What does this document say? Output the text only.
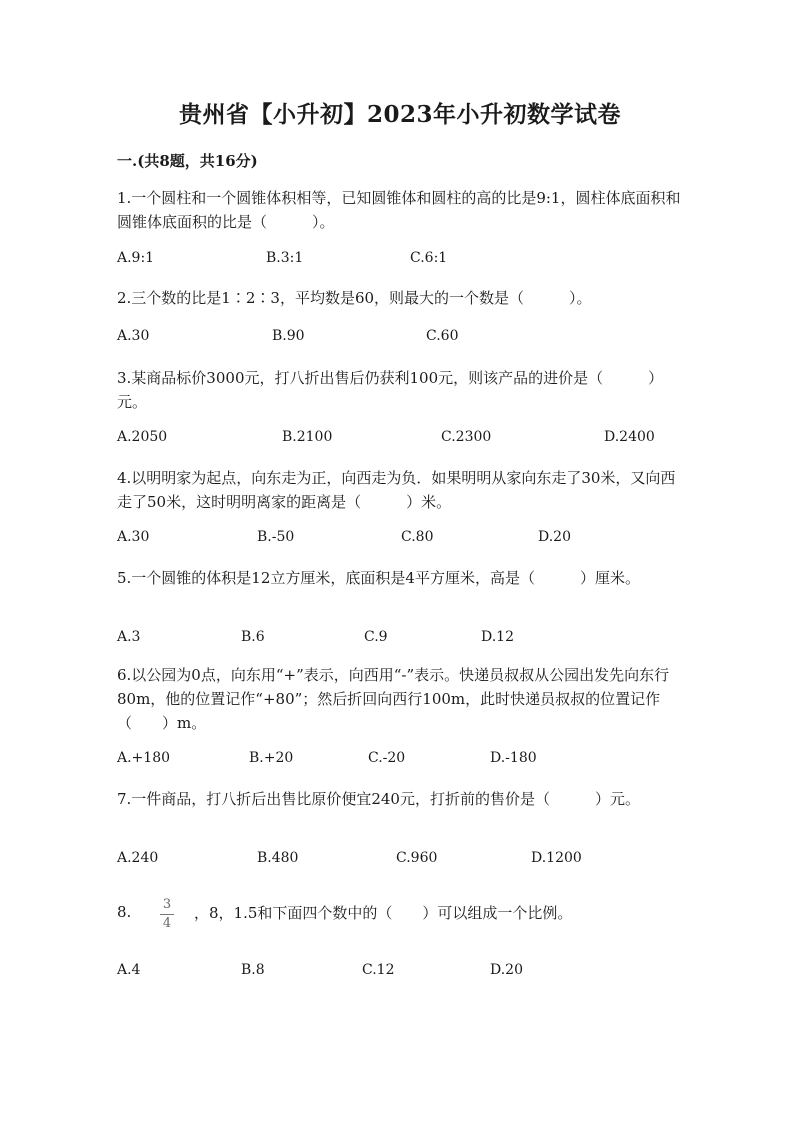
贵州省【小升初】2023年小升初数学试卷
一.(共8题，共16分)
1.一个圆柱和一个圆锥体积相等，已知圆锥体和圆柱的高的比是9:1，圆柱体底面积和圆锥体底面积的比是（　　　）。
A.9:1	B.3:1	C.6:1
2.三个数的比是1∶2∶3，平均数是60，则最大的一个数是（　　　）。
A.30	B.90	C.60
3.某商品标价3000元，打八折出售后仍获利100元，则该产品的进价是（　　　）元。
A.2050	B.2100	C.2300	D.2400
4.以明明家为起点，向东走为正，向西走为负．如果明明从家向东走了30米，又向西走了50米，这时明明离家的距离是（　　　）米。
A.30	B.-50	C.80	D.20
5.一个圆锥的体积是12立方厘米，底面积是4平方厘米，高是（　　　）厘米。
A.3	B.6	C.9	D.12
6.以公园为0点，向东用“+”表示，向西用“-”表示。快递员叔叔从公园出发先向东行80m，他的位置记作“+80”；然后折回向西行100m，此时快递员叔叔的位置记作（　　）m。
A.+180	B.+20	C.-20	D.-180
7.一件商品，打八折后出售比原价便宜240元，打折前的售价是（　　　）元。
A.240	B.480	C.960	D.1200
8. 3
4
，8，1.5和下面四个数中的（　　）可以组成一个比例。
A.4	B.8	C.12	D.20
